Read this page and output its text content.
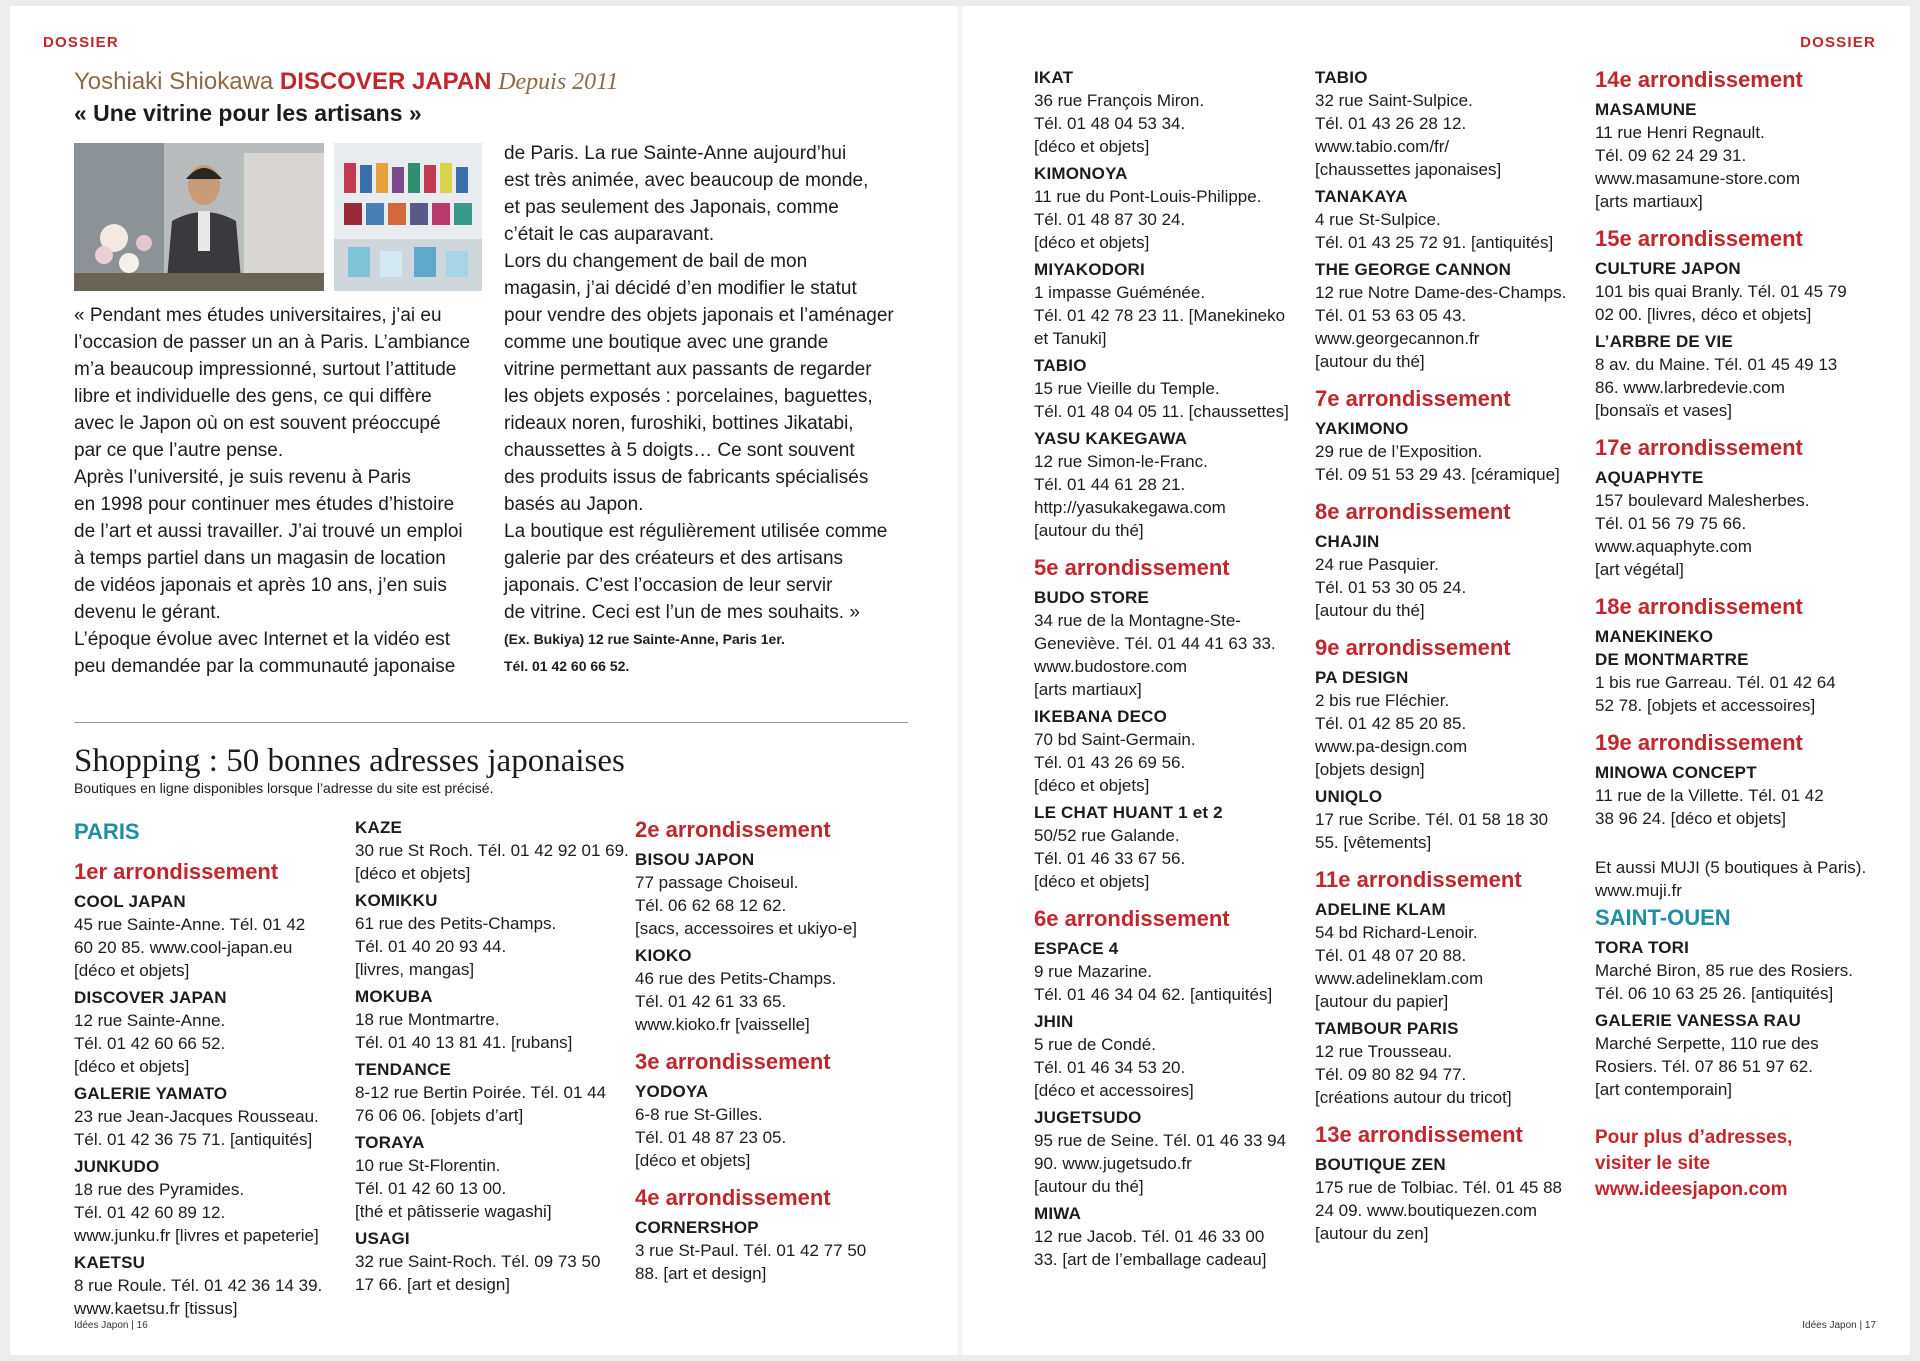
DOSSIER
Yoshiaki Shiokawa DISCOVER JAPAN Depuis 2011
« Une vitrine pour les artisans »

« Pendant mes études universitaires, j’ai eu

l’occasion de passer un an à Paris. L’ambiance

m’a beaucoup impressionné, surtout l’attitude

libre et individuelle des gens, ce qui diffère

avec le Japon où on est souvent préoccupé

par ce que l’autre pense.

Après l’université, je suis revenu à Paris

en 1998 pour continuer mes études d’histoire

de l’art et aussi travailler. J’ai trouvé un emploi

à temps partiel dans un magasin de location

de vidéos japonais et après 10 ans, j’en suis

devenu le gérant.

L’époque évolue avec Internet et la vidéo est

peu demandée par la communauté japonaise

de Paris. La rue Sainte-Anne aujourd’hui

est très animée, avec beaucoup de monde,

et pas seulement des Japonais, comme

c’était le cas auparavant.

Lors du changement de bail de mon

magasin, j’ai décidé d’en modifier le statut

pour vendre des objets japonais et l’aménager

comme une boutique avec une grande

vitrine permettant aux passants de regarder

les objets exposés : porcelaines, baguettes,

rideaux noren, furoshiki, bottines Jikatabi,

chaussettes à 5 doigts… Ce sont souvent

des produits issus de fabricants spécialisés

basés au Japon.

La boutique est régulièrement utilisée comme

galerie par des créateurs et des artisans

japonais. C’est l’occasion de leur servir

de vitrine. Ceci est l’un de mes souhaits. »

(Ex. Bukiya) 12 rue Sainte-Anne, Paris 1er.
Tél. 01 42 60 66 52.
Shopping : 50 bonnes adresses japonaises
Boutiques en ligne disponibles lorsque l’adresse du site est précisé.
PARIS
1er arrondissement
COOL JAPAN
45 rue Sainte-Anne. Tél. 01 42
60 20 85. www.cool-japan.eu
[déco et objets]
DISCOVER JAPAN
12 rue Sainte-Anne.
Tél. 01 42 60 66 52.
[déco et objets]
GALERIE YAMATO
23 rue Jean-Jacques Rousseau.
Tél. 01 42 36 75 71. [antiquités]
JUNKUDO
18 rue des Pyramides.
Tél. 01 42 60 89 12.
www.junku.fr [livres et papeterie]
KAETSU
8 rue Roule. Tél. 01 42 36 14 39.
www.kaetsu.fr [tissus]
KAZE
30 rue St Roch. Tél. 01 42 92 01 69.
[déco et objets]
KOMIKKU
61 rue des Petits-Champs.
Tél. 01 40 20 93 44.
[livres, mangas]
MOKUBA
18 rue Montmartre.
Tél. 01 40 13 81 41. [rubans]
TENDANCE
8-12 rue Bertin Poirée. Tél. 01 44
76 06 06. [objets d’art]
TORAYA
10 rue St-Florentin.
Tél. 01 42 60 13 00.
[thé et pâtisserie wagashi]
USAGI
32 rue Saint-Roch. Tél. 09 73 50
17 66. [art et design]
2e arrondissement
BISOU JAPON
77 passage Choiseul.
Tél. 06 62 68 12 62.
[sacs, accessoires et ukiyo-e]
KIOKO
46 rue des Petits-Champs.
Tél. 01 42 61 33 65.
www.kioko.fr [vaisselle]
3e arrondissement
YODOYA
6-8 rue St-Gilles.
Tél. 01 48 87 23 05.
[déco et objets]
4e arrondissement
CORNERSHOP
3 rue St-Paul. Tél. 01 42 77 50
88. [art et design]
Idées Japon | 16
DOSSIER
IKAT
36 rue François Miron.
Tél. 01 48 04 53 34.
[déco et objets]
KIMONOYA
11 rue du Pont-Louis-Philippe.
Tél. 01 48 87 30 24.
[déco et objets]
MIYAKODORI
1 impasse Guéménée.
Tél. 01 42 78 23 11. [Manekineko
et Tanuki]
TABIO
15 rue Vieille du Temple.
Tél. 01 48 04 05 11. [chaussettes]
YASU KAKEGAWA
12 rue Simon-le-Franc.
Tél. 01 44 61 28 21.
http://yasukakegawa.com
[autour du thé]
5e arrondissement
BUDO STORE
34 rue de la Montagne-Ste-
Geneviève. Tél. 01 44 41 63 33.
www.budostore.com
[arts martiaux]
IKEBANA DECO
70 bd Saint-Germain.
Tél. 01 43 26 69 56.
[déco et objets]
LE CHAT HUANT 1 et 2
50/52 rue Galande.
Tél. 01 46 33 67 56.
[déco et objets]
6e arrondissement
ESPACE 4
9 rue Mazarine.
Tél. 01 46 34 04 62. [antiquités]
JHIN
5 rue de Condé.
Tél. 01 46 34 53 20.
[déco et accessoires]
JUGETSUDO
95 rue de Seine. Tél. 01 46 33 94
90. www.jugetsudo.fr
[autour du thé]
MIWA
12 rue Jacob. Tél. 01 46 33 00
33. [art de l’emballage cadeau]
TABIO
32 rue Saint-Sulpice.
Tél. 01 43 26 28 12.
www.tabio.com/fr/
[chaussettes japonaises]
TANAKAYA
4 rue St-Sulpice.
Tél. 01 43 25 72 91. [antiquités]
THE GEORGE CANNON
12 rue Notre Dame-des-Champs.
Tél. 01 53 63 05 43.
www.georgecannon.fr
[autour du thé]
7e arrondissement
YAKIMONO
29 rue de l’Exposition.
Tél. 09 51 53 29 43. [céramique]
8e arrondissement
CHAJIN
24 rue Pasquier.
Tél. 01 53 30 05 24.
[autour du thé]
9e arrondissement
PA DESIGN
2 bis rue Fléchier.
Tél. 01 42 85 20 85.
www.pa-design.com
[objets design]
UNIQLO
17 rue Scribe. Tél. 01 58 18 30
55. [vêtements]
11e arrondissement
ADELINE KLAM
54 bd Richard-Lenoir.
Tél. 01 48 07 20 88.
www.adelineklam.com
[autour du papier]
TAMBOUR PARIS
12 rue Trousseau.
Tél. 09 80 82 94 77.
[créations autour du tricot]
13e arrondissement
BOUTIQUE ZEN
175 rue de Tolbiac. Tél. 01 45 88
24 09. www.boutiquezen.com
[autour du zen]
14e arrondissement
MASAMUNE
11 rue Henri Regnault.
Tél. 09 62 24 29 31.
www.masamune-store.com
[arts martiaux]
15e arrondissement
CULTURE JAPON
101 bis quai Branly. Tél. 01 45 79
02 00. [livres, déco et objets]
L’ARBRE DE VIE
8 av. du Maine. Tél. 01 45 49 13
86. www.larbredevie.com
[bonsaïs et vases]
17e arrondissement
AQUAPHYTE
157 boulevard Malesherbes.
Tél. 01 56 79 75 66.
www.aquaphyte.com
[art végétal]
18e arrondissement
MANEKINEKO
DE MONTMARTRE
1 bis rue Garreau. Tél. 01 42 64
52 78. [objets et accessoires]
19e arrondissement
MINOWA CONCEPT
11 rue de la Villette. Tél. 01 42
38 96 24. [déco et objets]
Et aussi MUJI (5 boutiques à Paris).
www.muji.fr
SAINT-OUEN
TORA TORI
Marché Biron, 85 rue des Rosiers.
Tél. 06 10 63 25 26. [antiquités]
GALERIE VANESSA RAU
Marché Serpette, 110 rue des
Rosiers. Tél. 07 86 51 97 62.
[art contemporain]
Pour plus d’adresses,
visiter le site
www.ideesjapon.com
Idées Japon | 17
